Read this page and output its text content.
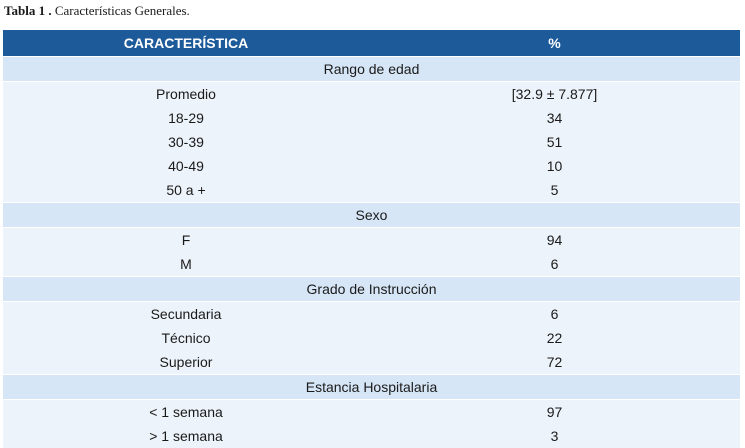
Tabla 1 . Características Generales.
CARACTERÍSTICA	%
Rango de edad	
Promedio	[32.9 ± 7.877]
18-29	34
30-39	51
40-49	10
50 a +	5
Sexo	
F	94
M	6
Grado de Instrucción	
Secundaria	6
Técnico	22
Superior	72
Estancia Hospitalaria	
< 1 semana	97
> 1 semana	3
